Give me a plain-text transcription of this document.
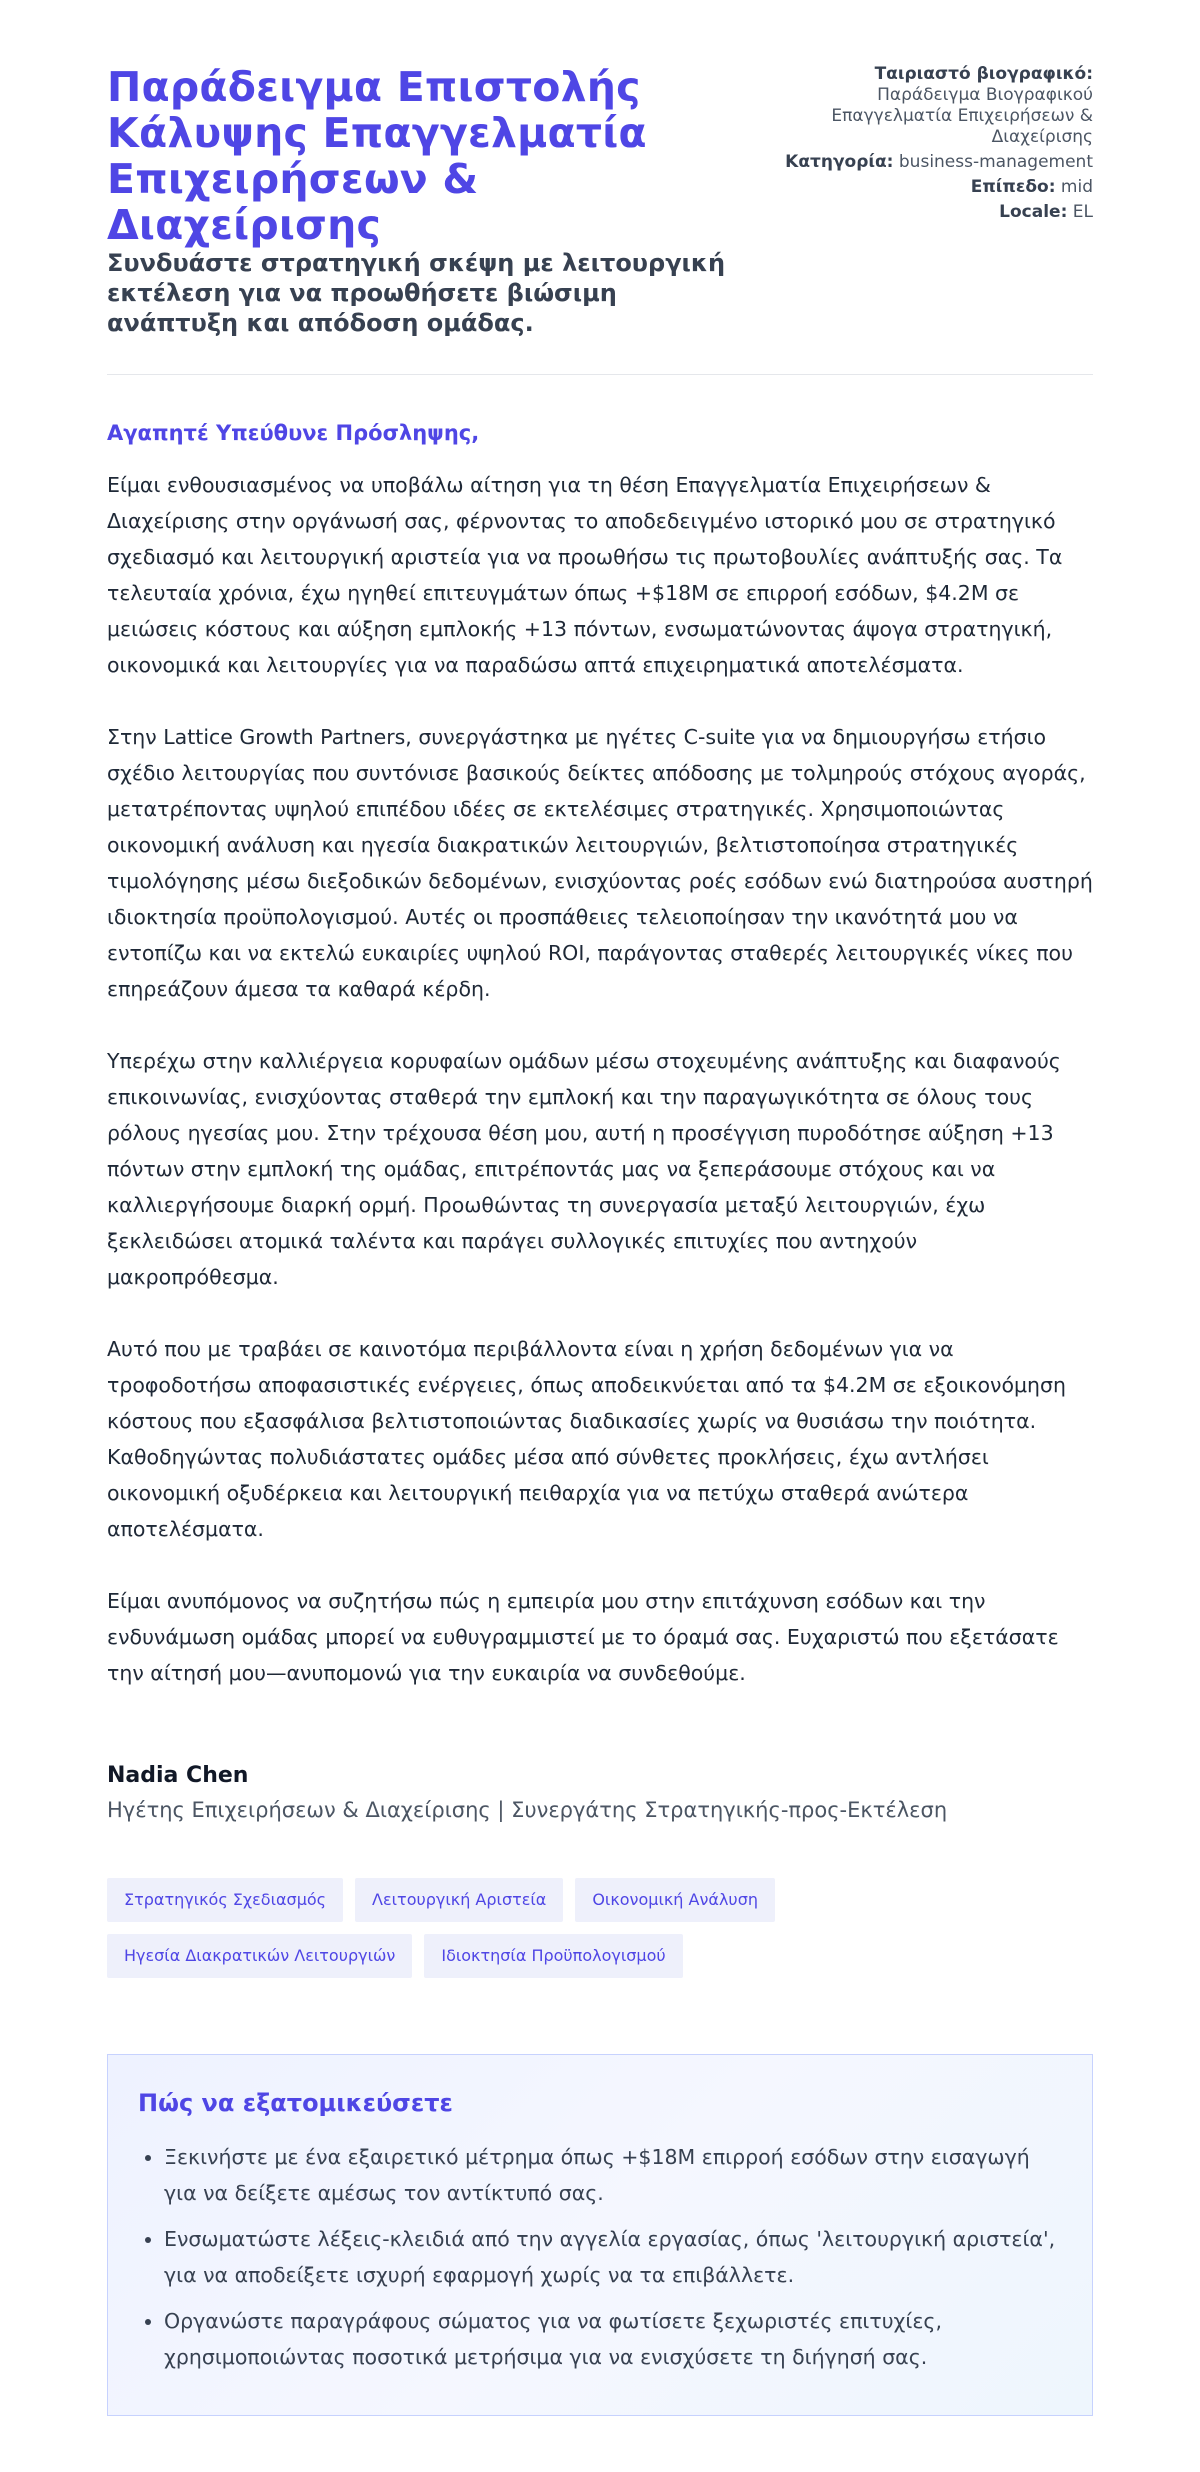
Παράδειγμα Επιστολής Κάλυψης Επαγγελματία Επιχειρήσεων & Διαχείρισης

Συνδυάστε στρατηγική σκέψη με λειτουργική εκτέλεση για να προωθήσετε βιώσιμη ανάπτυξη και απόδοση ομάδας.

Ταιριαστό βιογραφικό:
Παράδειγμα Βιογραφικού Επαγγελματία Επιχειρήσεων & Διαχείρισης
Κατηγορία: business-management
Επίπεδο: mid
Locale: EL

Αγαπητέ Υπεύθυνε Πρόσληψης,

Είμαι ενθουσιασμένος να υποβάλω αίτηση για τη θέση Επαγγελματία Επιχειρήσεων & Διαχείρισης στην οργάνωσή σας, φέρνοντας το αποδεδειγμένο ιστορικό μου σε στρατηγικό σχεδιασμό και λειτουργική αριστεία για να προωθήσω τις πρωτοβουλίες ανάπτυξής σας. Τα τελευταία χρόνια, έχω ηγηθεί επιτευγμάτων όπως +$18M σε επιρροή εσόδων, $4.2M σε μειώσεις κόστους και αύξηση εμπλοκής +13 πόντων, ενσωματώνοντας άψογα στρατηγική, οικονομικά και λειτουργίες για να παραδώσω απτά επιχειρηματικά αποτελέσματα.

Στην Lattice Growth Partners, συνεργάστηκα με ηγέτες C-suite για να δημιουργήσω ετήσιο σχέδιο λειτουργίας που συντόνισε βασικούς δείκτες απόδοσης με τολμηρούς στόχους αγοράς, μετατρέποντας υψηλού επιπέδου ιδέες σε εκτελέσιμες στρατηγικές. Χρησιμοποιώντας οικονομική ανάλυση και ηγεσία διακρατικών λειτουργιών, βελτιστοποίησα στρατηγικές τιμολόγησης μέσω διεξοδικών δεδομένων, ενισχύοντας ροές εσόδων ενώ διατηρούσα αυστηρή ιδιοκτησία προϋπολογισμού. Αυτές οι προσπάθειες τελειοποίησαν την ικανότητά μου να εντοπίζω και να εκτελώ ευκαιρίες υψηλού ROI, παράγοντας σταθερές λειτουργικές νίκες που επηρεάζουν άμεσα τα καθαρά κέρδη.

Υπερέχω στην καλλιέργεια κορυφαίων ομάδων μέσω στοχευμένης ανάπτυξης και διαφανούς επικοινωνίας, ενισχύοντας σταθερά την εμπλοκή και την παραγωγικότητα σε όλους τους ρόλους ηγεσίας μου. Στην τρέχουσα θέση μου, αυτή η προσέγγιση πυροδότησε αύξηση +13 πόντων στην εμπλοκή της ομάδας, επιτρέποντάς μας να ξεπεράσουμε στόχους και να καλλιεργήσουμε διαρκή ορμή. Προωθώντας τη συνεργασία μεταξύ λειτουργιών, έχω ξεκλειδώσει ατομικά ταλέντα και παράγει συλλογικές επιτυχίες που αντηχούν μακροπρόθεσμα.

Αυτό που με τραβάει σε καινοτόμα περιβάλλοντα είναι η χρήση δεδομένων για να τροφοδοτήσω αποφασιστικές ενέργειες, όπως αποδεικνύεται από τα $4.2M σε εξοικονόμηση κόστους που εξασφάλισα βελτιστοποιώντας διαδικασίες χωρίς να θυσιάσω την ποιότητα. Καθοδηγώντας πολυδιάστατες ομάδες μέσα από σύνθετες προκλήσεις, έχω αντλήσει οικονομική οξυδέρκεια και λειτουργική πειθαρχία για να πετύχω σταθερά ανώτερα αποτελέσματα.

Είμαι ανυπόμονος να συζητήσω πώς η εμπειρία μου στην επιτάχυνση εσόδων και την ενδυνάμωση ομάδας μπορεί να ευθυγραμμιστεί με το όραμά σας. Ευχαριστώ που εξετάσατε την αίτησή μου—ανυπομονώ για την ευκαιρία να συνδεθούμε.

Nadia Chen

Ηγέτης Επιχειρήσεων & Διαχείρισης | Συνεργάτης Στρατηγικής-προς-Εκτέλεση

Στρατηγικός Σχεδιασμός	Λειτουργική Αριστεία	Οικονομική Ανάλυση
Ηγεσία Διακρατικών Λειτουργιών	Ιδιοκτησία Προϋπολογισμού
Πώς να εξατομικεύσετε
• Ξεκινήστε με ένα εξαιρετικό μέτρημα όπως +$18M επιρροή εσόδων στην εισαγωγή για να δείξετε αμέσως τον αντίκτυπό σας.
• Ενσωματώστε λέξεις-κλειδιά από την αγγελία εργασίας, όπως 'λειτουργική αριστεία', για να αποδείξετε ισχυρή εφαρμογή χωρίς να τα επιβάλλετε.
• Οργανώστε παραγράφους σώματος για να φωτίσετε ξεχωριστές επιτυχίες, χρησιμοποιώντας ποσοτικά μετρήσιμα για να ενισχύσετε τη διήγησή σας.
